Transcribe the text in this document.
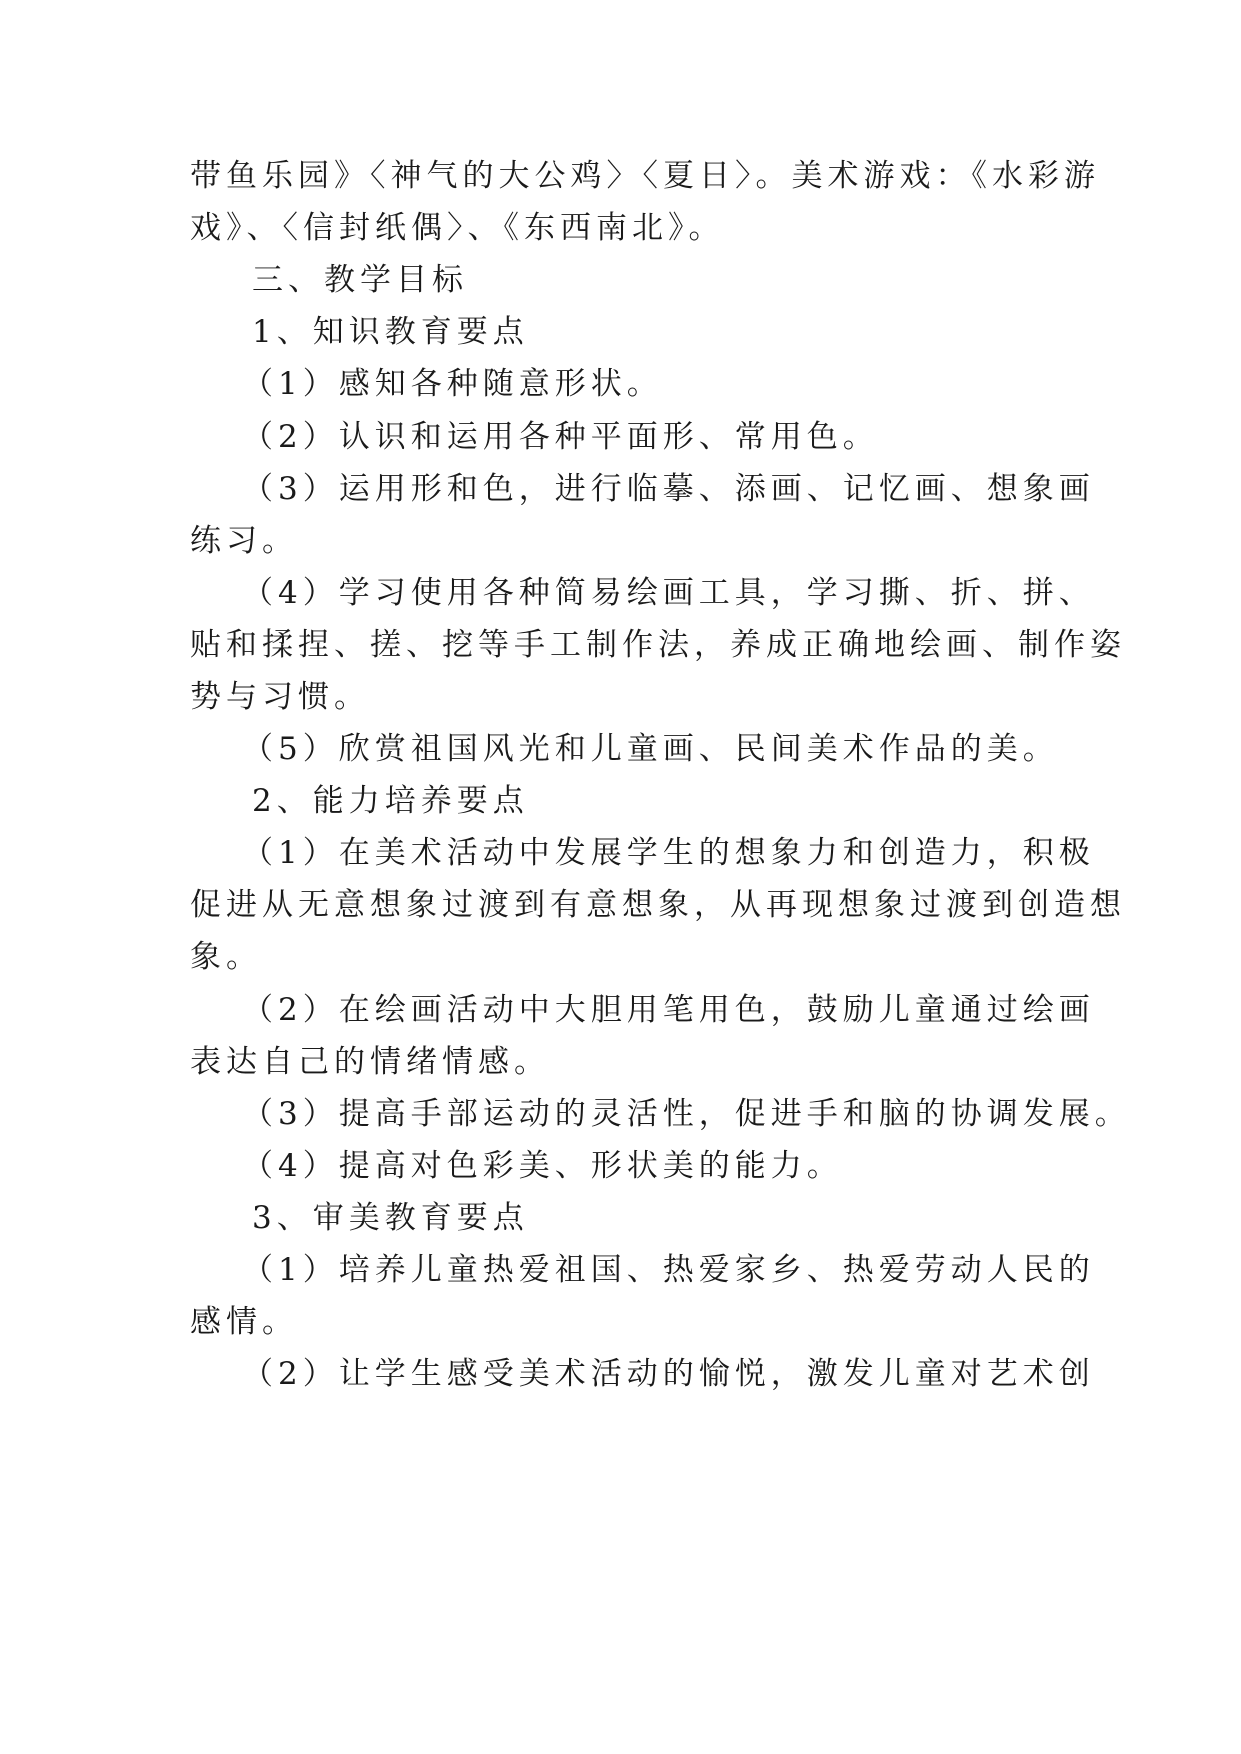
带鱼乐园》〈神气的大公鸡〉〈夏日〉。美术游戏：《水彩游
戏》、〈信封纸偶〉、《东西南北》。
三、教学目标
1、知识教育要点
（1）感知各种随意形状。
（2）认识和运用各种平面形、常用色。
（3）运用形和色，进行临摹、添画、记忆画、想象画
练习。
（4）学习使用各种简易绘画工具，学习撕、折、拼、
贴和揉捏、搓、挖等手工制作法，养成正确地绘画、制作姿
势与习惯。
（5）欣赏祖国风光和儿童画、民间美术作品的美。
2、能力培养要点
（1）在美术活动中发展学生的想象力和创造力，积极
促进从无意想象过渡到有意想象，从再现想象过渡到创造想
象。
（2）在绘画活动中大胆用笔用色，鼓励儿童通过绘画
表达自己的情绪情感。
（3）提高手部运动的灵活性，促进手和脑的协调发展。
（4）提高对色彩美、形状美的能力。
3、审美教育要点
（1）培养儿童热爱祖国、热爱家乡、热爱劳动人民的
感情。
（2）让学生感受美术活动的愉悦，激发儿童对艺术创
